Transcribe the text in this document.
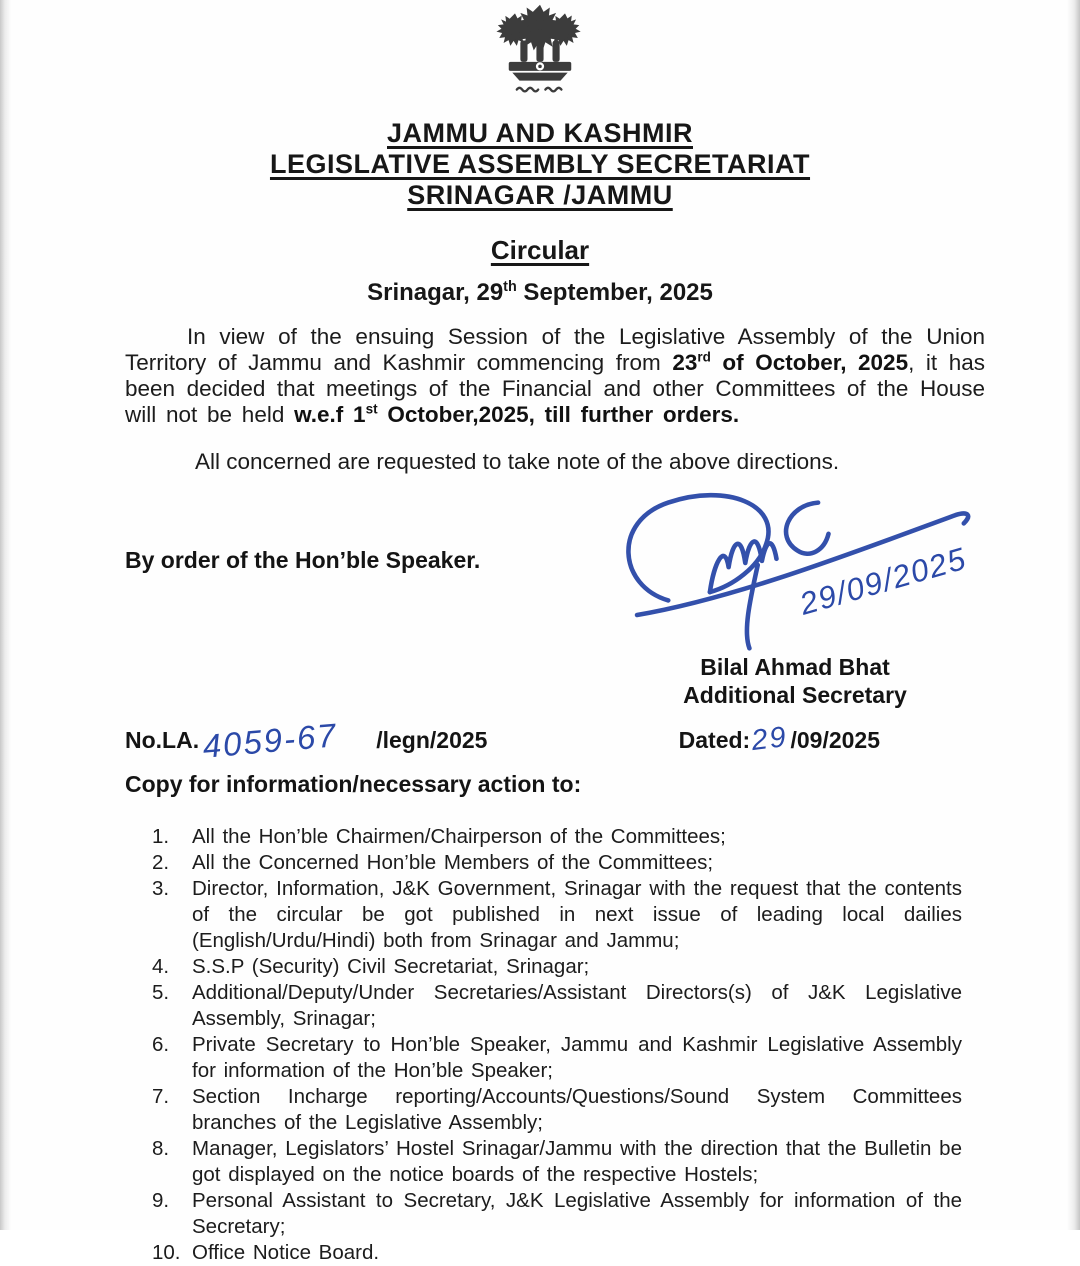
JAMMU AND KASHMIR
LEGISLATIVE ASSEMBLY SECRETARIAT
SRINAGAR /JAMMU
Circular
Srinagar, 29th September, 2025

In view of the ensuing Session of the Legislative Assembly of the Union Territory of Jammu and Kashmir commencing from 23rd of October, 2025, it has been decided that meetings of the Financial and other Committees of the House will not be held w.e.f 1st October,2025, till further orders.

All concerned are requested to take note of the above directions.

By order of the Hon’ble Speaker.	29/09/2025
Bilal Ahmad Bhat
Additional Secretary
No.LA. 4059-67 /legn/2025	Dated: 29 /09/2025
Copy for information/necessary action to:
1. All the Hon’ble Chairmen/Chairperson of the Committees;
2. All the Concerned Hon’ble Members of the Committees;
3. Director, Information, J&K Government, Srinagar with the request that the contents of the circular be got published in next issue of leading local dailies (English/Urdu/Hindi) both from Srinagar and Jammu;
4. S.S.P (Security) Civil Secretariat, Srinagar;
5. Additional/Deputy/Under Secretaries/Assistant Directors(s) of J&K Legislative Assembly, Srinagar;
6. Private Secretary to Hon’ble Speaker, Jammu and Kashmir Legislative Assembly for information of the Hon’ble Speaker;
7. Section Incharge reporting/Accounts/Questions/Sound System Committees branches of the Legislative Assembly;
8. Manager, Legislators’ Hostel Srinagar/Jammu with the direction that the Bulletin be got displayed on the notice boards of the respective Hostels;
9. Personal Assistant to Secretary, J&K Legislative Assembly for information of the Secretary;
10. Office Notice Board.
